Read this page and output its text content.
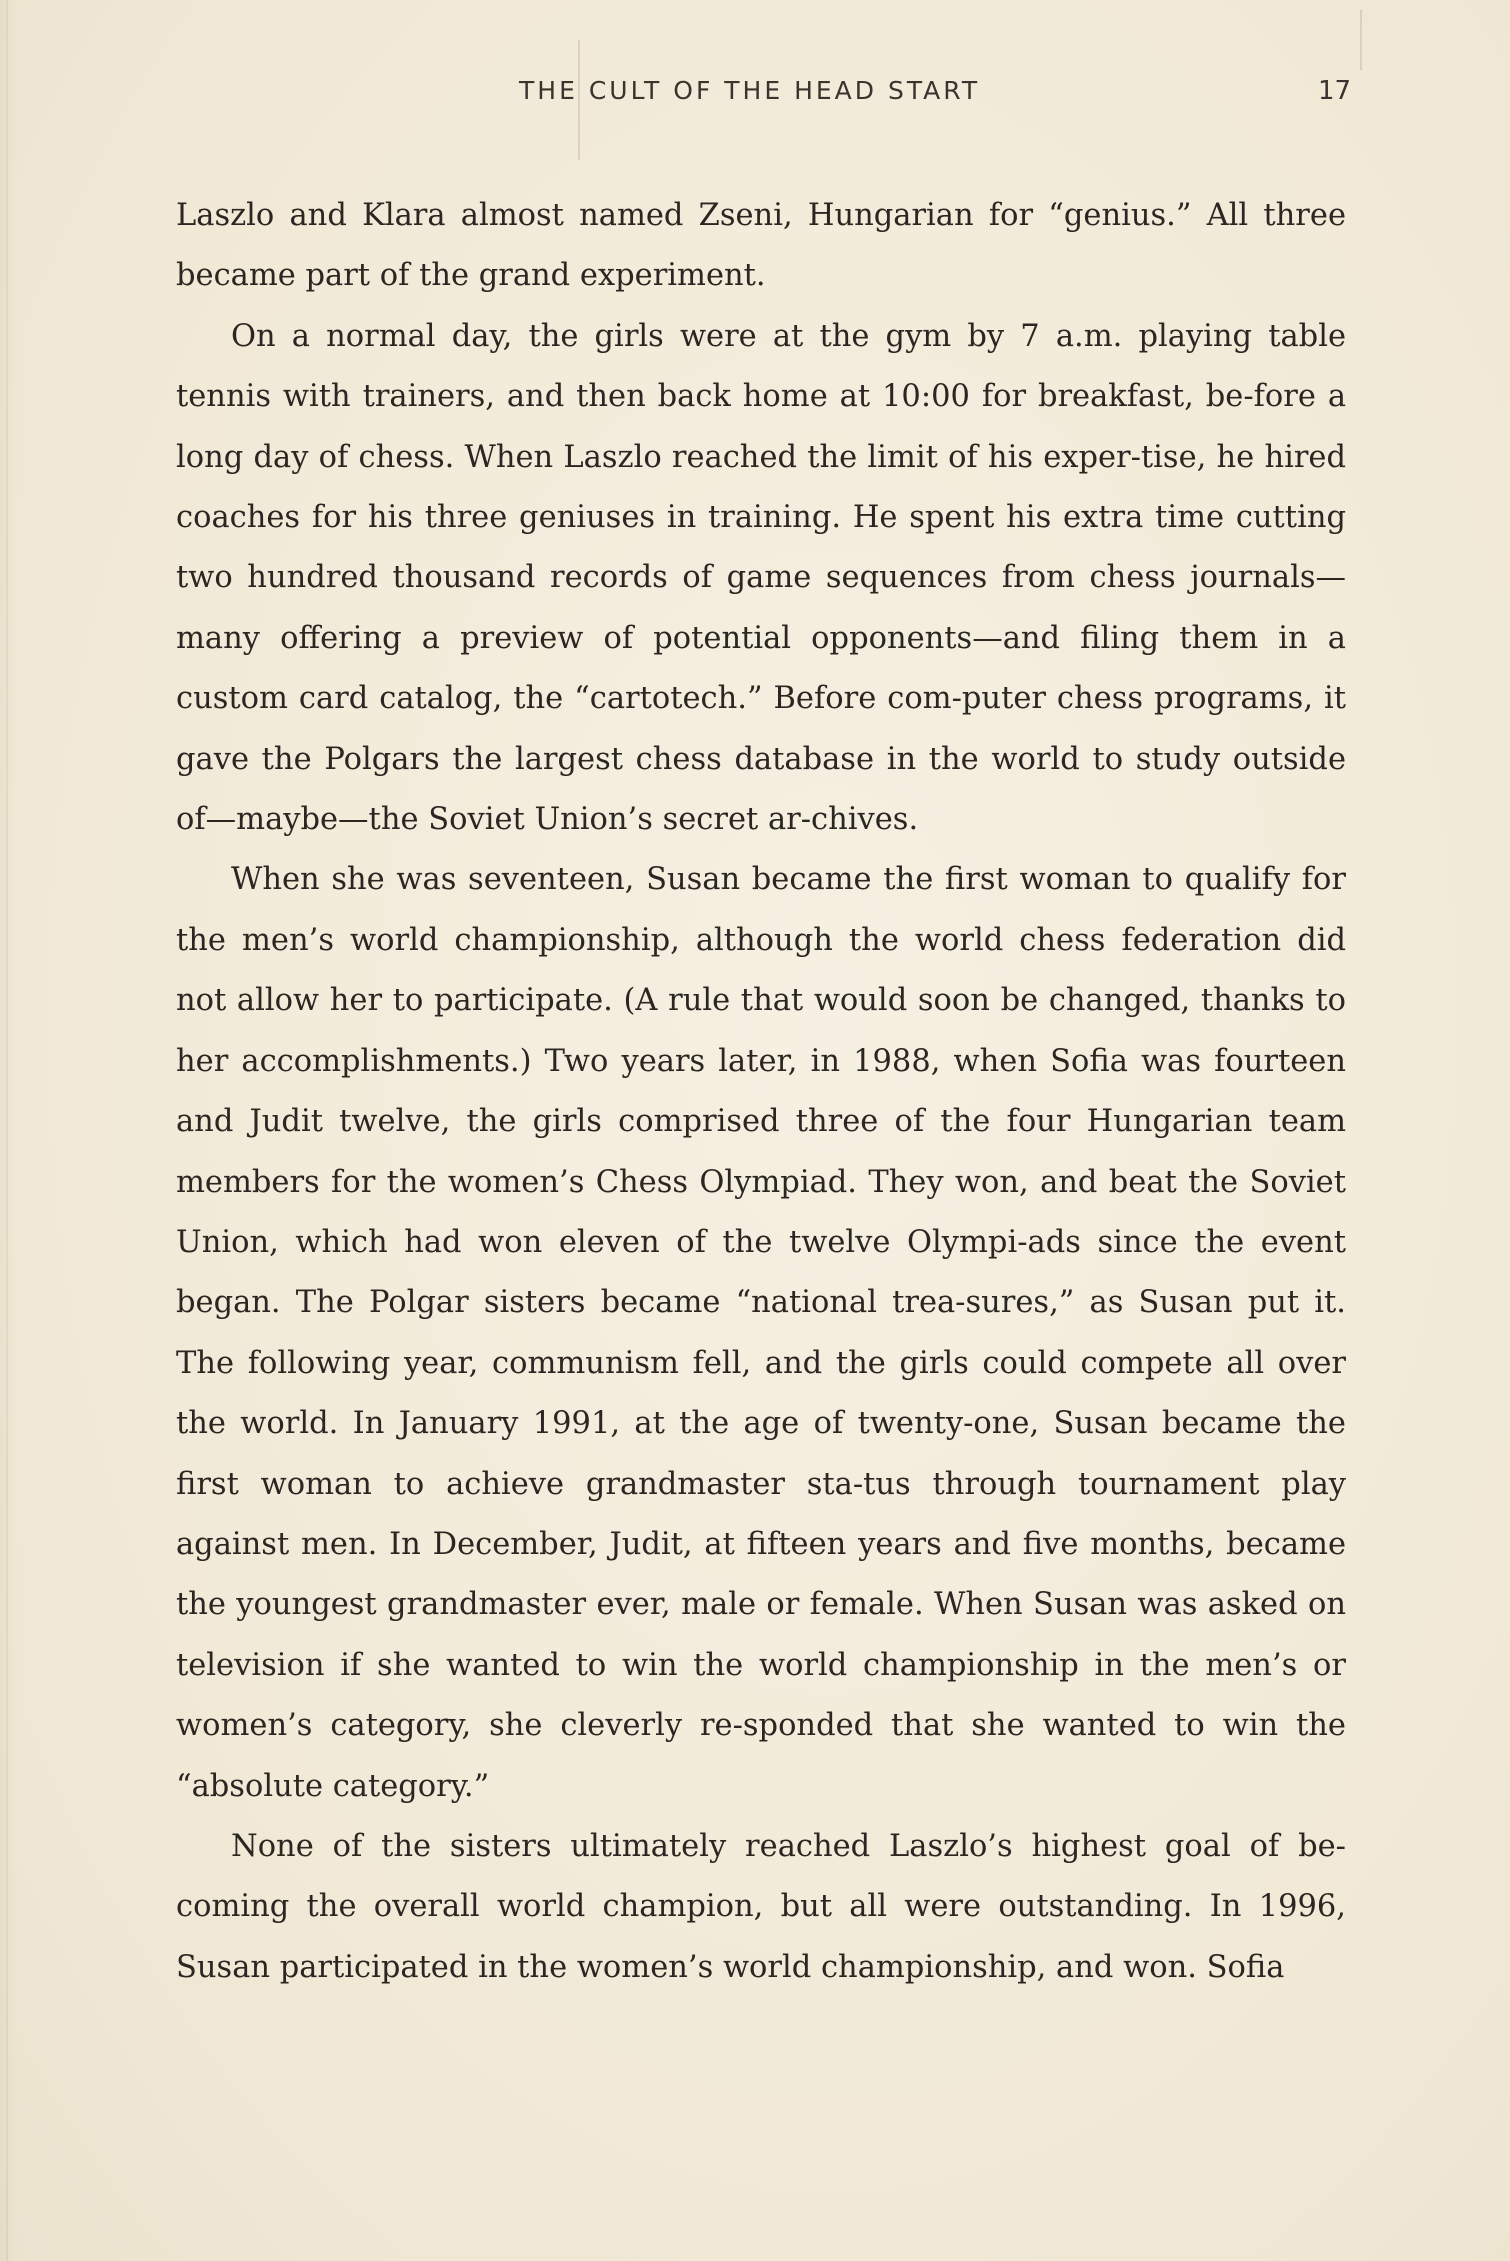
THE CULT OF THE HEAD START	17

Laszlo and Klara almost named Zseni, Hungarian for “genius.” All three became part of the grand experiment.

On a normal day, the girls were at the gym by 7 a.m. playing table tennis with trainers, and then back home at 10:00 for breakfast, be-fore a long day of chess. When Laszlo reached the limit of his exper-tise, he hired coaches for his three geniuses in training. He spent his extra time cutting two hundred thousand records of game sequences from chess journals—many offering a preview of potential opponents—and filing them in a custom card catalog, the “cartotech.” Before com-puter chess programs, it gave the Polgars the largest chess database in the world to study outside of—maybe—the Soviet Union’s secret ar-chives.

When she was seventeen, Susan became the first woman to qualify for the men’s world championship, although the world chess federation did not allow her to participate. (A rule that would soon be changed, thanks to her accomplishments.) Two years later, in 1988, when Sofia was fourteen and Judit twelve, the girls comprised three of the four Hungarian team members for the women’s Chess Olympiad. They won, and beat the Soviet Union, which had won eleven of the twelve Olympi-ads since the event began. The Polgar sisters became “national trea-sures,” as Susan put it. The following year, communism fell, and the girls could compete all over the world. In January 1991, at the age of twenty-one, Susan became the first woman to achieve grandmaster sta-tus through tournament play against men. In December, Judit, at fifteen years and five months, became the youngest grandmaster ever, male or female. When Susan was asked on television if she wanted to win the world championship in the men’s or women’s category, she cleverly re-sponded that she wanted to win the “absolute category.”

None of the sisters ultimately reached Laszlo’s highest goal of be-coming the overall world champion, but all were outstanding. In 1996, Susan participated in the women’s world championship, and won. Sofia
